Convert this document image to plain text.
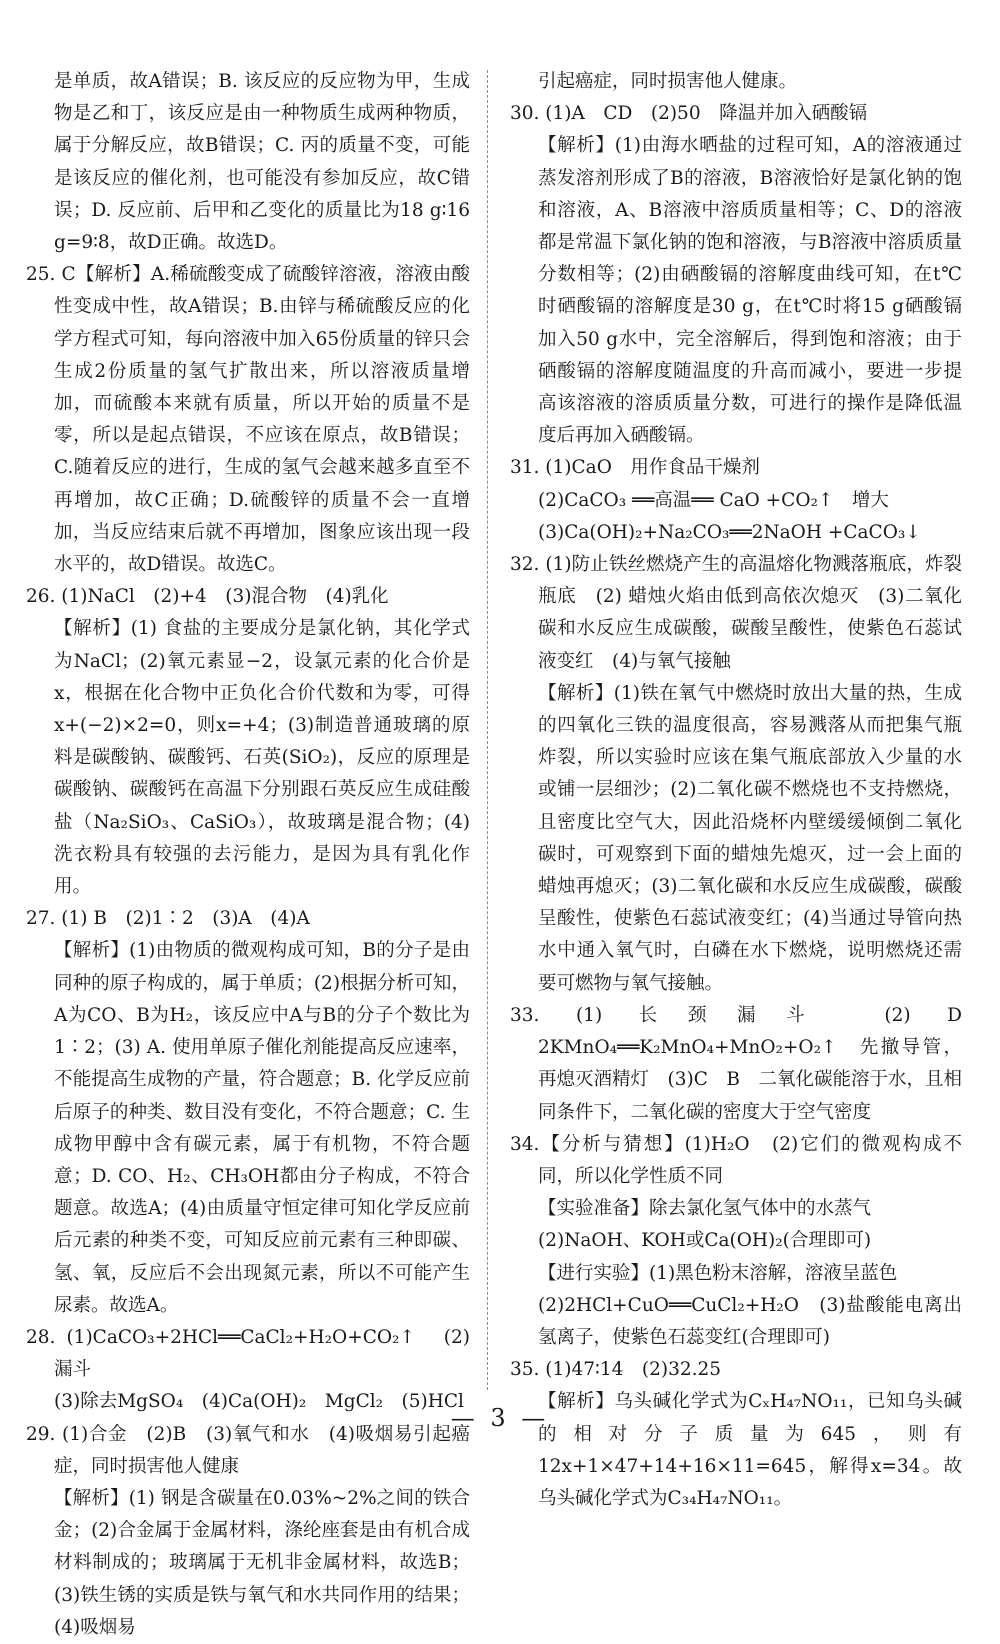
是单质，故A错误；B. 该反应的反应物为甲，生成物是乙和丁，该反应是由一种物质生成两种物质，属于分解反应，故B错误；C. 丙的质量不变，可能是该反应的催化剂，也可能没有参加反应，故C错误；D. 反应前、后甲和乙变化的质量比为18 g∶16 g=9∶8，故D正确。故选D。

25. C【解析】A.稀硫酸变成了硫酸锌溶液，溶液由酸性变成中性，故A错误；B.由锌与稀硫酸反应的化学方程式可知，每向溶液中加入65份质量的锌只会生成2份质量的氢气扩散出来，所以溶液质量增加，而硫酸本来就有质量，所以开始的质量不是零，所以是起点错误，不应该在原点，故B错误；C.随着反应的进行，生成的氢气会越来越多直至不再增加，故C正确；D.硫酸锌的质量不会一直增加，当反应结束后就不再增加，图象应该出现一段水平的，故D错误。故选C。

26. (1)NaCl　(2)+4　(3)混合物　(4)乳化

【解析】(1) 食盐的主要成分是氯化钠，其化学式为NaCl；(2)氧元素显−2，设氯元素的化合价是x，根据在化合物中正负化合价代数和为零，可得x+(−2)×2=0，则x=+4；(3)制造普通玻璃的原料是碳酸钠、碳酸钙、石英(SiO₂)，反应的原理是碳酸钠、碳酸钙在高温下分别跟石英反应生成硅酸盐（Na₂SiO₃、CaSiO₃），故玻璃是混合物；(4)洗衣粉具有较强的去污能力，是因为具有乳化作用。

27. (1) B　(2)1∶2　(3)A　(4)A

【解析】(1)由物质的微观构成可知，B的分子是由同种的原子构成的，属于单质；(2)根据分析可知，A为CO、B为H₂，该反应中A与B的分子个数比为1∶2；(3) A. 使用单原子催化剂能提高反应速率，不能提高生成物的产量，符合题意；B. 化学反应前后原子的种类、数目没有变化，不符合题意；C. 生成物甲醇中含有碳元素，属于有机物，不符合题意；D. CO、H₂、CH₃OH都由分子构成，不符合题意。故选A；(4)由质量守恒定律可知化学反应前后元素的种类不变，可知反应前元素有三种即碳、氢、氧，反应后不会出现氮元素，所以不可能产生尿素。故选A。

28. (1)CaCO₃+2HCl══CaCl₂+H₂O+CO₂↑　(2)漏斗

(3)除去MgSO₄　(4)Ca(OH)₂　MgCl₂　(5)HCl

29. (1)合金　(2)B　(3)氧气和水　(4)吸烟易引起癌症，同时损害他人健康

【解析】(1) 钢是含碳量在0.03%~2%之间的铁合金；(2)合金属于金属材料，涤纶座套是由有机合成材料制成的；玻璃属于无机非金属材料，故选B；(3)铁生锈的实质是铁与氧气和水共同作用的结果；(4)吸烟易

引起癌症，同时损害他人健康。

30. (1)A　CD　(2)50　降温并加入硒酸镉

【解析】(1)由海水晒盐的过程可知，A的溶液通过蒸发溶剂形成了B的溶液，B溶液恰好是氯化钠的饱和溶液，A、B溶液中溶质质量相等；C、D的溶液都是常温下氯化钠的饱和溶液，与B溶液中溶质质量分数相等；(2)由硒酸镉的溶解度曲线可知，在t℃时硒酸镉的溶解度是30 g，在t℃时将15 g硒酸镉加入50 g水中，完全溶解后，得到饱和溶液；由于硒酸镉的溶解度随温度的升高而减小，要进一步提高该溶液的溶质质量分数，可进行的操作是降低温度后再加入硒酸镉。

31. (1)CaO　用作食品干燥剂

(2)CaCO₃ ══高温══ CaO +CO₂↑　增大

(3)Ca(OH)₂+Na₂CO₃══2NaOH +CaCO₃↓

32. (1)防止铁丝燃烧产生的高温熔化物溅落瓶底，炸裂瓶底　(2) 蜡烛火焰由低到高依次熄灭　(3)二氧化碳和水反应生成碳酸，碳酸呈酸性，使紫色石蕊试液变红　(4)与氧气接触

【解析】(1)铁在氧气中燃烧时放出大量的热，生成的四氧化三铁的温度很高，容易溅落从而把集气瓶炸裂，所以实验时应该在集气瓶底部放入少量的水或铺一层细沙；(2)二氧化碳不燃烧也不支持燃烧，且密度比空气大，因此沿烧杯内壁缓缓倾倒二氧化碳时，可观察到下面的蜡烛先熄灭，过一会上面的蜡烛再熄灭；(3)二氧化碳和水反应生成碳酸，碳酸呈酸性，使紫色石蕊试液变红；(4)当通过导管向热水中通入氧气时，白磷在水下燃烧，说明燃烧还需要可燃物与氧气接触。

33. (1) 长颈漏斗　(2) D　2KMnO₄══K₂MnO₄+MnO₂+O₂↑　先撤导管，再熄灭酒精灯　(3)C　B　二氧化碳能溶于水，且相同条件下，二氧化碳的密度大于空气密度

34.【分析与猜想】(1)H₂O　(2)它们的微观构成不同，所以化学性质不同

【实验准备】除去氯化氢气体中的水蒸气

(2)NaOH、KOH或Ca(OH)₂(合理即可)

【进行实验】(1)黑色粉末溶解，溶液呈蓝色

(2)2HCl+CuO══CuCl₂+H₂O　(3)盐酸能电离出氢离子，使紫色石蕊变红(合理即可)

35. (1)47∶14　(2)32.25

【解析】乌头碱化学式为CₓH₄₇NO₁₁，已知乌头碱的相对分子质量为645，则有12x+1×47+14+16×11=645，解得x=34。故乌头碱化学式为C₃₄H₄₇NO₁₁。

— 3 —
